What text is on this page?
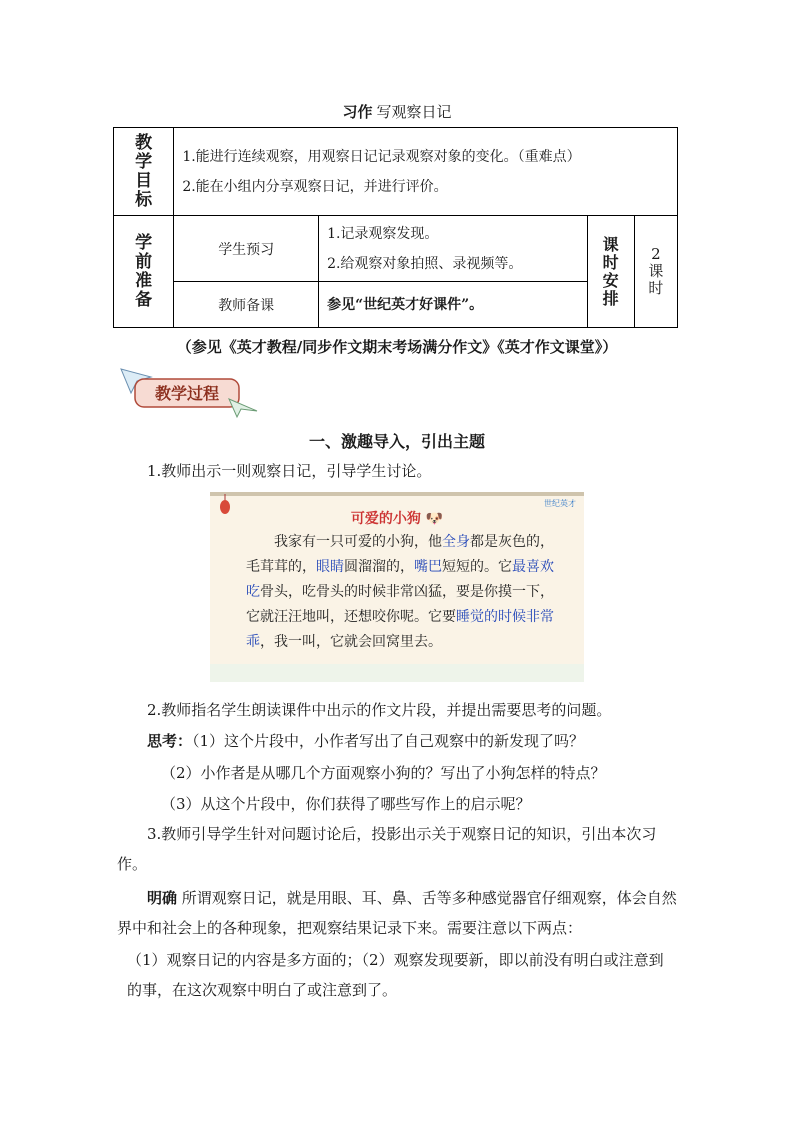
习作 写观察日记
教学目标	1.能进行连续观察，用观察日记记录观察对象的变化。（重难点）
2.能在小组内分享观察日记，并进行评价。			

学前准备	学生预习	1.记录观察发现。
2.给观察对象拍照、录视频等。	课时安排	2课时
	教师备课	参见“世纪英才好课件”。		
（参见《英才教程/同步作文期末考场满分作文》《英才作文课堂》）
教学过程
一、激趣导入，引出主题
1.教师出示一则观察日记，引导学生讨论。
世纪英才
可爱的小狗 🐶
我家有一只可爱的小狗，他全身都是灰色的，毛茸茸的，眼睛圆溜溜的，嘴巴短短的。它最喜欢吃骨头，吃骨头的时候非常凶猛，要是你摸一下，它就汪汪地叫，还想咬你呢。它要睡觉的时候非常乖，我一叫，它就会回窝里去。
2.教师指名学生朗读课件中出示的作文片段，并提出需要思考的问题。
思考：（1）这个片段中，小作者写出了自己观察中的新发现了吗？
（2）小作者是从哪几个方面观察小狗的？写出了小狗怎样的特点？
（3）从这个片段中，你们获得了哪些写作上的启示呢？
3.教师引导学生针对问题讨论后，投影出示关于观察日记的知识，引出本次习作。
明确 所谓观察日记，就是用眼、耳、鼻、舌等多种感觉器官仔细观察，体会自然界中和社会上的各种现象，把观察结果记录下来。需要注意以下两点：
（1）观察日记的内容是多方面的；（2）观察发现要新，即以前没有明白或注意到的事，在这次观察中明白了或注意到了。
